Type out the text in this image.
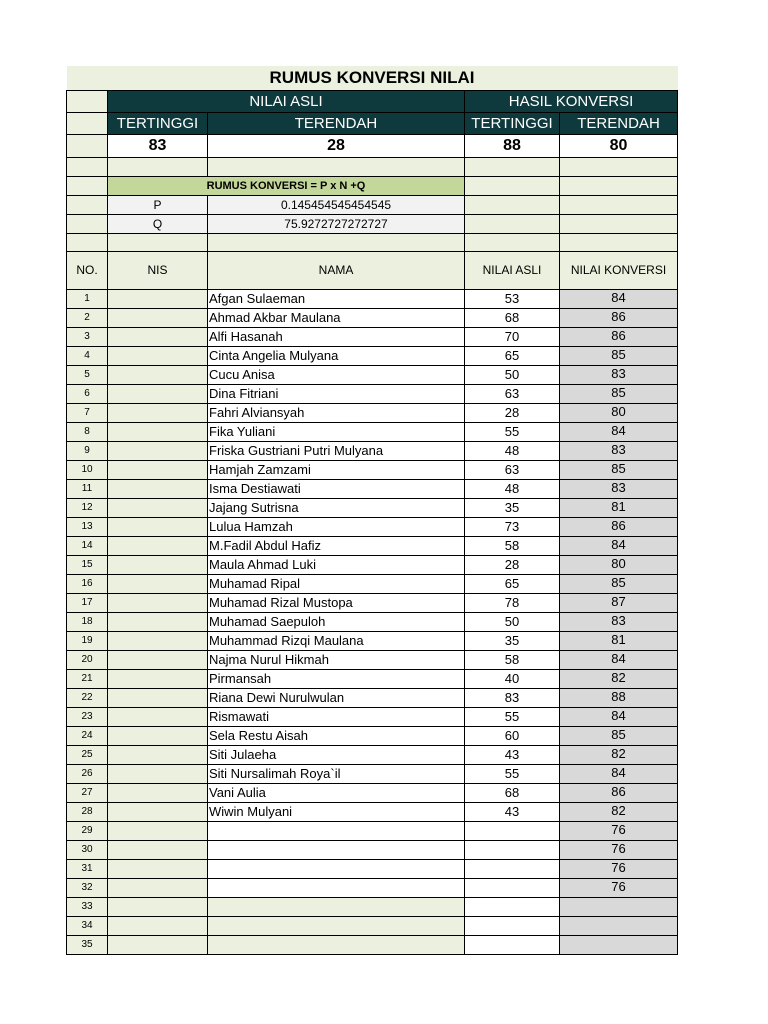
RUMUS KONVERSI NILAI				
	NILAI ASLI		HASIL KONVERSI	
	TERTINGGI	TERENDAH	TERTINGGI	TERENDAH
	83	28	88	80

	RUMUS KONVERSI = P x N +Q			
	P	0.145454545454545		
	Q	75.9272727272727		

NO.	NIS	NAMA	NILAI ASLI	NILAI KONVERSI
1		Afgan Sulaeman	53	84
2		Ahmad Akbar Maulana	68	86
3		Alfi Hasanah	70	86
4		Cinta Angelia Mulyana	65	85
5		Cucu Anisa	50	83
6		Dina Fitriani	63	85
7		Fahri Alviansyah	28	80
8		Fika Yuliani	55	84
9		Friska Gustriani Putri Mulyana	48	83
10		Hamjah Zamzami	63	85
11		Isma Destiawati	48	83
12		Jajang Sutrisna	35	81
13		Lulua Hamzah	73	86
14		M.Fadil Abdul Hafiz	58	84
15		Maula Ahmad Luki	28	80
16		Muhamad Ripal	65	85
17		Muhamad Rizal Mustopa	78	87
18		Muhamad Saepuloh	50	83
19		Muhammad Rizqi Maulana	35	81
20		Najma Nurul Hikmah	58	84
21		Pirmansah	40	82
22		Riana Dewi Nurulwulan	83	88
23		Rismawati	55	84
24		Sela Restu Aisah	60	85
25		Siti Julaeha	43	82
26		Siti Nursalimah Roya`il	55	84
27		Vani Aulia	68	86
28		Wiwin Mulyani	43	82
29				76
30				76
31				76
32				76
33				
34				
35				
